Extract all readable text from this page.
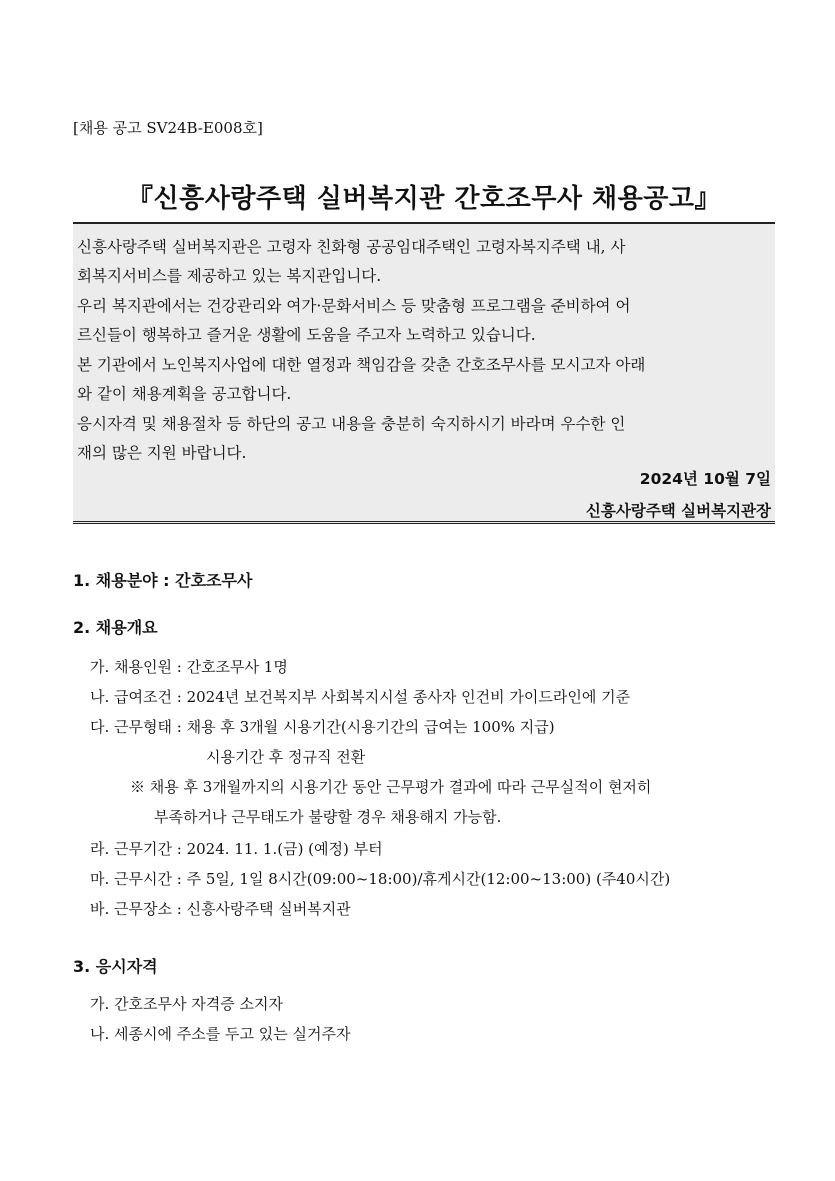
[채용 공고 SV24B-E008호]
『신흥사랑주택 실버복지관 간호조무사 채용공고』
신흥사랑주택 실버복지관은 고령자 친화형 공공임대주택인 고령자복지주택 내, 사
회복지서비스를 제공하고 있는 복지관입니다.
우리 복지관에서는 건강관리와 여가·문화서비스 등 맞춤형 프로그램을 준비하여 어
르신들이 행복하고 즐거운 생활에 도움을 주고자 노력하고 있습니다.
본 기관에서 노인복지사업에 대한 열정과 책임감을 갖춘 간호조무사를 모시고자 아래
와 같이 채용계획을 공고합니다.
응시자격 및 채용절차 등 하단의 공고 내용을 충분히 숙지하시기 바라며 우수한 인
재의 많은 지원 바랍니다.
2024년 10월 7일
신흥사랑주택 실버복지관장
1. 채용분야 : 간호조무사
2. 채용개요
가. 채용인원 : 간호조무사 1명
나. 급여조건 : 2024년 보건복지부 사회복지시설 종사자 인건비 가이드라인에 기준
다. 근무형태 : 채용 후 3개월 시용기간(시용기간의 급여는 100% 지급)
시용기간 후 정규직 전환
※ 채용 후 3개월까지의 시용기간 동안 근무평가 결과에 따라 근무실적이 현저히
부족하거나 근무태도가 불량할 경우 채용해지 가능함.
라. 근무기간 : 2024. 11. 1.(금) (예정) 부터
마. 근무시간 : 주 5일, 1일 8시간(09:00~18:00)/휴게시간(12:00~13:00) (주40시간)
바. 근무장소 : 신흥사랑주택 실버복지관
3. 응시자격
가. 간호조무사 자격증 소지자
나. 세종시에 주소를 두고 있는 실거주자
